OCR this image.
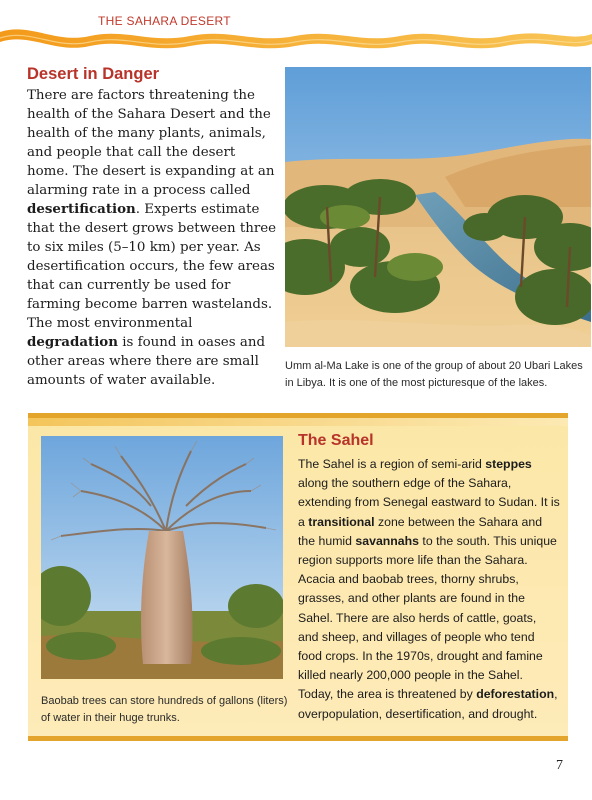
THE SAHARA DESERT
Desert in Danger
There are factors threatening the health of the Sahara Desert and the health of the many plants, animals, and people that call the desert home. The desert is expanding at an alarming rate in a process called desertification. Experts estimate that the desert grows between three to six miles (5–10 km) per year. As desertification occurs, the few areas that can currently be used for farming become barren wastelands. The most environmental degradation is found in oases and other areas where there are small amounts of water available.
Umm al-Ma Lake is one of the group of about 20 Ubari Lakes in Libya. It is one of the most picturesque of the lakes.
Baobab trees can store hundreds of gallons (liters) of water in their huge trunks.
The Sahel
The Sahel is a region of semi-arid steppes along the southern edge of the Sahara, extending from Senegal eastward to Sudan. It is a transitional zone between the Sahara and the humid savannahs to the south. This unique region supports more life than the Sahara. Acacia and baobab trees, thorny shrubs, grasses, and other plants are found in the Sahel. There are also herds of cattle, goats, and sheep, and villages of people who tend food crops. In the 1970s, drought and famine killed nearly 200,000 people in the Sahel. Today, the area is threatened by deforestation, overpopulation, desertification, and drought.
7
